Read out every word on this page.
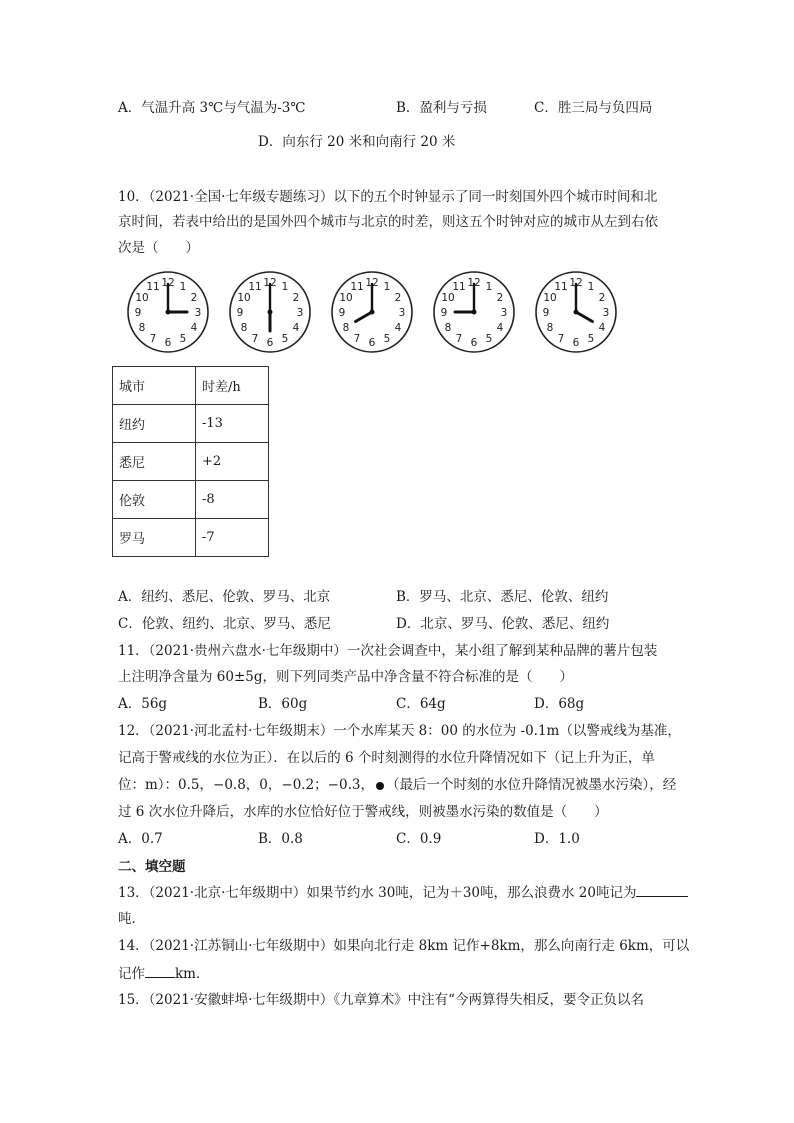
A．气温升高 3℃与气温为-3℃	B．盈利与亏损	C．胜三局与负四局
D．向东行 20 米和向南行 20 米
10．（2021·全国·七年级专题练习）以下的五个时钟显示了同一时刻国外四个城市时间和北
京时间，若表中给出的是国外四个城市与北京的时差，则这五个时钟对应的城市从左到右依
次是（　　）
12 1
2
3
4
5
6
7
8
9
10
11	12 1
2
3
4
5
6
7
8
9
10
11	12 1
2
3
4
5
6
7
8
9
10
11	12 1
2
3
4
5
6
7
8
9
10
11	12 1
2
3
4
5
6
7
8
9
10
11
城市	时差/h
纽约	-13
悉尼	+2
伦敦	-8
罗马	-7
A．纽约、悉尼、伦敦、罗马、北京	B．罗马、北京、悉尼、伦敦、纽约
C．伦敦、纽约、北京、罗马、悉尼	D．北京、罗马、伦敦、悉尼、纽约
11．（2021·贵州六盘水·七年级期中）一次社会调查中，某小组了解到某种品牌的薯片包装
上注明净含量为 60±5g，则下列同类产品中净含量不符合标准的是（　　）
A．56g	B．60g	C．64g	D．68g
12．（2021·河北孟村·七年级期末）一个水库某天 8：00 的水位为 -0.1m（以警戒线为基准，
记高于警戒线的水位为正）．在以后的 6 个时刻测得的水位升降情况如下（记上升为正，单
位：m）：0.5，−0.8，0，−0.2；−0.3， （最后一个时刻的水位升降情况被墨水污染），经
过 6 次水位升降后，水库的水位恰好位于警戒线，则被墨水污染的数值是（　　）
A．0.7	B．0.8	C．0.9	D．1.0
二、填空题
13．（2021·北京·七年级期中）如果节约水 30吨，记为＋30吨，那么浪费水 20吨记为
吨．
14．（2021·江苏铜山·七年级期中）如果向北行走 8km 记作+8km，那么向南行走 6km，可以
记作 km．
15．（2021·安徽蚌埠·七年级期中）《九章算术》中注有“今两算得失相反，要令正负以名
